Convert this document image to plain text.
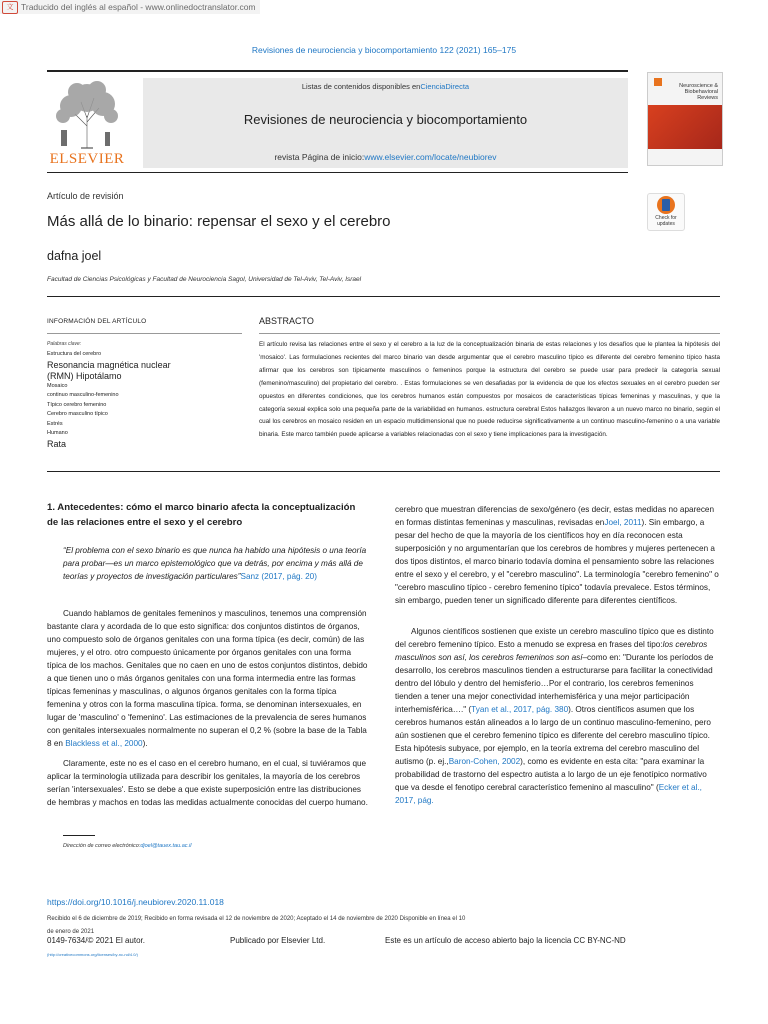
文 Traducido del inglés al español - www.onlinedoctranslator.com
Revisiones de neurociencia y biocomportamiento 122 (2021) 165–175
ELSEVIER
Listas de contenidos disponibles enCienciaDirecta
Revisiones de neurociencia y biocomportamiento
revista Página de inicio:www.elsevier.com/locate/neubiorev
Neuroscience & Biobehavioral Reviews
Artículo de revisión
Más allá de lo binario: repensar el sexo y el cerebro
dafna joel
Facultad de Ciencias Psicológicas y Facultad de Neurociencia Sagol, Universidad de Tel-Aviv, Tel-Aviv, Israel
Check for updates
INFORMACIÓN DEL ARTÍCULO
Palabras clave:
Estructura del cerebro
Resonancia magnética nuclear
(RMN) Hipotálamo
Mosaico
continuo masculino-femenino
Típico cerebro femenino
Cerebro masculino típico
Estrés
Humano
Rata
ABSTRACTO
El artículo revisa las relaciones entre el sexo y el cerebro a la luz de la conceptualización binaria de estas relaciones y los desafíos que le plantea la hipótesis del 'mosaico'. Las formulaciones recientes del marco binario van desde argumentar que el cerebro masculino típico es diferente del cerebro femenino típico hasta afirmar que los cerebros son típicamente masculinos o femeninos porque la estructura del cerebro se puede usar para predecir la categoría sexual (femenino/masculino) del propietario del cerebro. . Estas formulaciones se ven desafiadas por la evidencia de que los efectos sexuales en el cerebro pueden ser opuestos en diferentes condiciones, que los cerebros humanos están compuestos por mosaicos de características típicas femeninas y masculinas, y que la categoría sexual explica solo una pequeña parte de la variabilidad en humanos. estructura cerebral Estos hallazgos llevaron a un nuevo marco no binario, según el cual los cerebros en mosaico residen en un espacio multidimensional que no puede reducirse significativamente a un continuo masculino-femenino o a una variable binaria. Este marco también puede aplicarse a variables relacionadas con el sexo y tiene implicaciones para la investigación.
1. Antecedentes: cómo el marco binario afecta la conceptualización de las relaciones entre el sexo y el cerebro
“El problema con el sexo binario es que nunca ha habido una hipótesis o una teoría para probar—es un marco epistemológico que va detrás, por encima y más allá de teorías y proyectos de investigación particulares”Sanz (2017, pág. 20)
Cuando hablamos de genitales femeninos y masculinos, tenemos una comprensión bastante clara y acordada de lo que esto significa: dos conjuntos distintos de órganos, uno compuesto solo de órganos genitales con una forma típica (es decir, común) de las mujeres, y el otro. otro compuesto únicamente por órganos genitales con una forma típica de los machos. Genitales que no caen en uno de estos conjuntos distintos, debido a que tienen uno o más órganos genitales con una forma intermedia entre las formas típicas femeninas y masculinas, o algunos órganos genitales con la forma típica femenina y otros con la forma masculina típica. forma, se denominan intersexuales, en lugar de 'masculino' o 'femenino'. Las estimaciones de la prevalencia de seres humanos con genitales intersexuales normalmente no superan el 0,2 % (sobre la base de la Tabla 8 en Blackless et al., 2000).
Claramente, este no es el caso en el cerebro humano, en el cual, si tuviéramos que aplicar la terminología utilizada para describir los genitales, la mayoría de los cerebros serían 'intersexuales'. Esto se debe a que existe superposición entre las distribuciones de hembras y machos en todas las medidas actualmente conocidas del cuerpo humano.
cerebro que muestran diferencias de sexo/género (es decir, estas medidas no aparecen en formas distintas femeninas y masculinas, revisadas enJoel, 2011). Sin embargo, a pesar del hecho de que la mayoría de los científicos hoy en día reconocen esta superposición y no argumentarían que los cerebros de hombres y mujeres pertenecen a dos tipos distintos, el marco binario todavía domina el pensamiento sobre las relaciones entre el sexo y el cerebro, y el "cerebro masculino". La terminología "cerebro femenino" o "cerebro masculino típico - cerebro femenino típico" todavía prevalece. Estos términos, sin embargo, pueden tener un significado diferente para diferentes científicos.
Algunos científicos sostienen que existe un cerebro masculino típico que es distinto del cerebro femenino típico. Esto a menudo se expresa en frases del tipo:los cerebros masculinos son así, los cerebros femeninos son así–como en: "Durante los períodos de desarrollo, los cerebros masculinos tienden a estructurarse para facilitar la conectividad dentro del lóbulo y dentro del hemisferio…Por el contrario, los cerebros femeninos tienden a tener una mejor conectividad interhemisférica y una mejor participación interhemisférica…." (Tyan et al., 2017, pág. 380). Otros científicos asumen que los cerebros humanos están alineados a lo largo de un continuo masculino-femenino, pero aún sostienen que el cerebro femenino típico es diferente del cerebro masculino típico. Esta hipótesis subyace, por ejemplo, en la teoría extrema del cerebro masculino del autismo (p. ej.,Baron-Cohen, 2002), como es evidente en esta cita: "para examinar la probabilidad de trastorno del espectro autista a lo largo de un eje fenotípico normativo que va desde el fenotipo cerebral característico femenino al masculino" (Ecker et al., 2017, pág.
Dirección de correo electrónico:djoel@tauex.tau.ac.il
https://doi.org/10.1016/j.neubiorev.2020.11.018
Recibido el 6 de diciembre de 2019; Recibido en forma revisada el 12 de noviembre de 2020; Aceptado el 14 de noviembre de 2020 Disponible en línea el 10 de enero de 2021
0149-7634/© 2021 El autor.	Publicado por Elsevier Ltd.	Este es un artículo de acceso abierto bajo la licencia CC BY-NC-ND
(http://creativecommons.org/licenses/by-nc-nd/4.0/)
